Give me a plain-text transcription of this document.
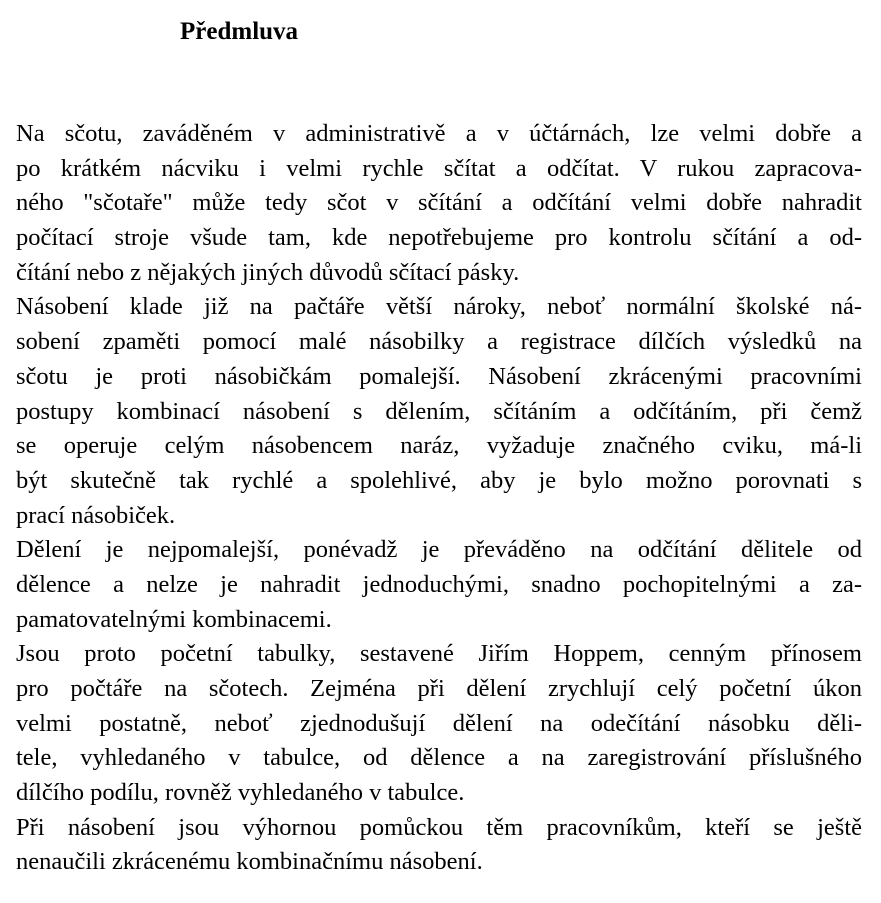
Předmluva
Na sčotu, zaváděném v administrativě a v účtárnách, lze velmi dobře a
po krátkém nácviku i velmi rychle sčítat a odčítat. V rukou zapracova-
ného "sčotaře" může tedy sčot v sčítání a odčítání velmi dobře nahradit
počítací stroje všude tam, kde nepotřebujeme pro kontrolu sčítání a od-
čítání nebo z nějakých jiných důvodů sčítací pásky.
Násobení klade již na pačtáře větší nároky, neboť normální školské ná-
sobení zpaměti pomocí malé násobilky a registrace dílčích výsledků na
sčotu je proti násobičkám pomalejší. Násobení zkrácenými pracovními
postupy kombinací násobení s dělením, sčítáním a odčítáním, při čemž
se operuje celým násobencem naráz, vyžaduje značného cviku, má-li
být skutečně tak rychlé a spolehlivé, aby je bylo možno porovnati s
prací násobiček.
Dělení je nejpomalejší, ponévadž je převáděno na odčítání dělitele od
dělence a nelze je nahradit jednoduchými, snadno pochopitelnými a za-
pamatovatelnými kombinacemi.
Jsou proto početní tabulky, sestavené Jiřím Hoppem, cenným přínosem
pro počtáře na sčotech. Zejména při dělení zrychlují celý početní úkon
velmi postatně, neboť zjednodušují dělení na odečítání násobku děli-
tele, vyhledaného v tabulce, od dělence a na zaregistrování příslušného
dílčího podílu, rovněž vyhledaného v tabulce.
Při násobení jsou výhornou pomůckou těm pracovníkům, kteří se ještě
nenaučili zkrácenému kombinačnímu násobení.
